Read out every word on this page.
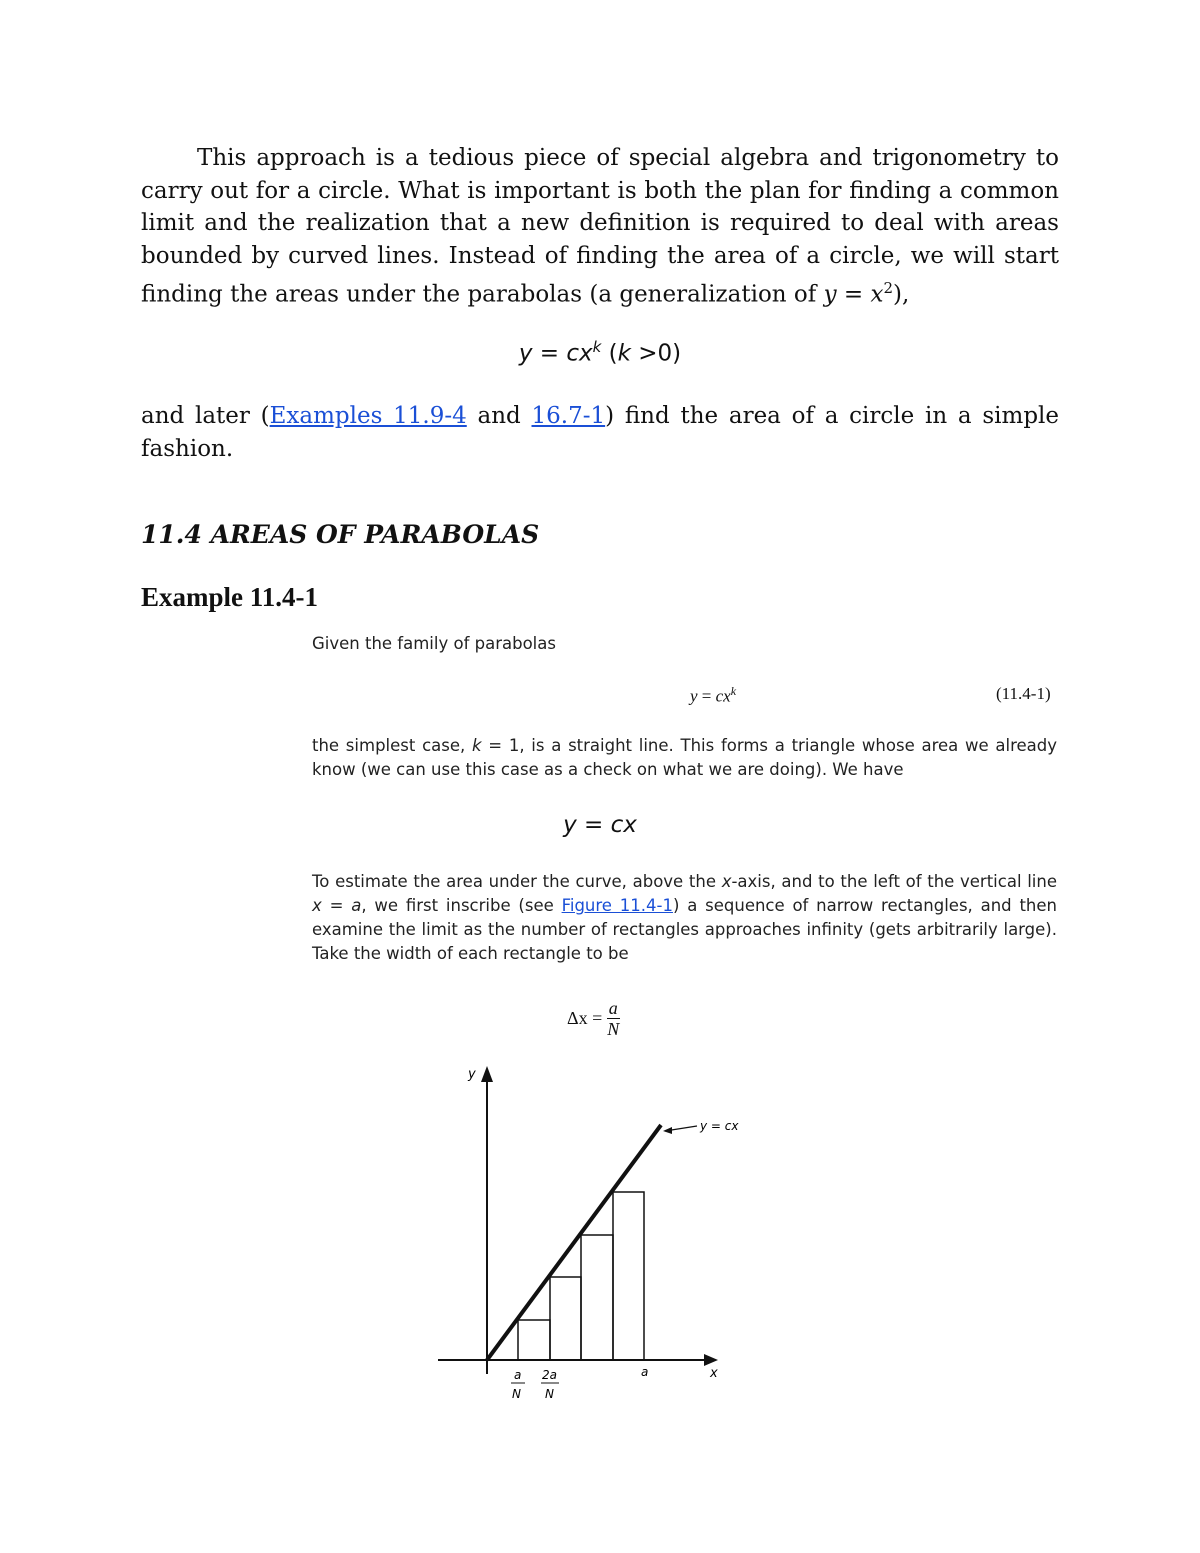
This approach is a tedious piece of special algebra and trigonometry to carry out for a circle. What is important is both the plan for finding a common limit and the realization that a new definition is required to deal with areas bounded by curved lines. Instead of finding the area of a circle, we will start finding the areas under the parabolas (a generalization of $y = x^2$),
$y = cx^k$ (k >0)
and later (Examples 11.9-4 and 16.7-1) find the area of a circle in a simple fashion.
11.4 AREAS OF PARABOLAS
Example 11.4-1
Given the family of parabolas
$y = cx^k$	(11.4-1)
the simplest case, k = 1, is a straight line. This forms a triangle whose area we already know (we can use this case as a check on what we are doing). We have
y = cx
To estimate the area under the curve, above the x-axis, and to the left of the vertical line x = a, we first inscribe (see Figure 11.4-1) a sequence of narrow rectangles, and then examine the limit as the number of rectangles approaches infinity (gets arbitrarily large). Take the width of each rectangle to be
$\Delta x = \frac{a}{N}$
y
x
y = cx
a
N
2a
N
a
